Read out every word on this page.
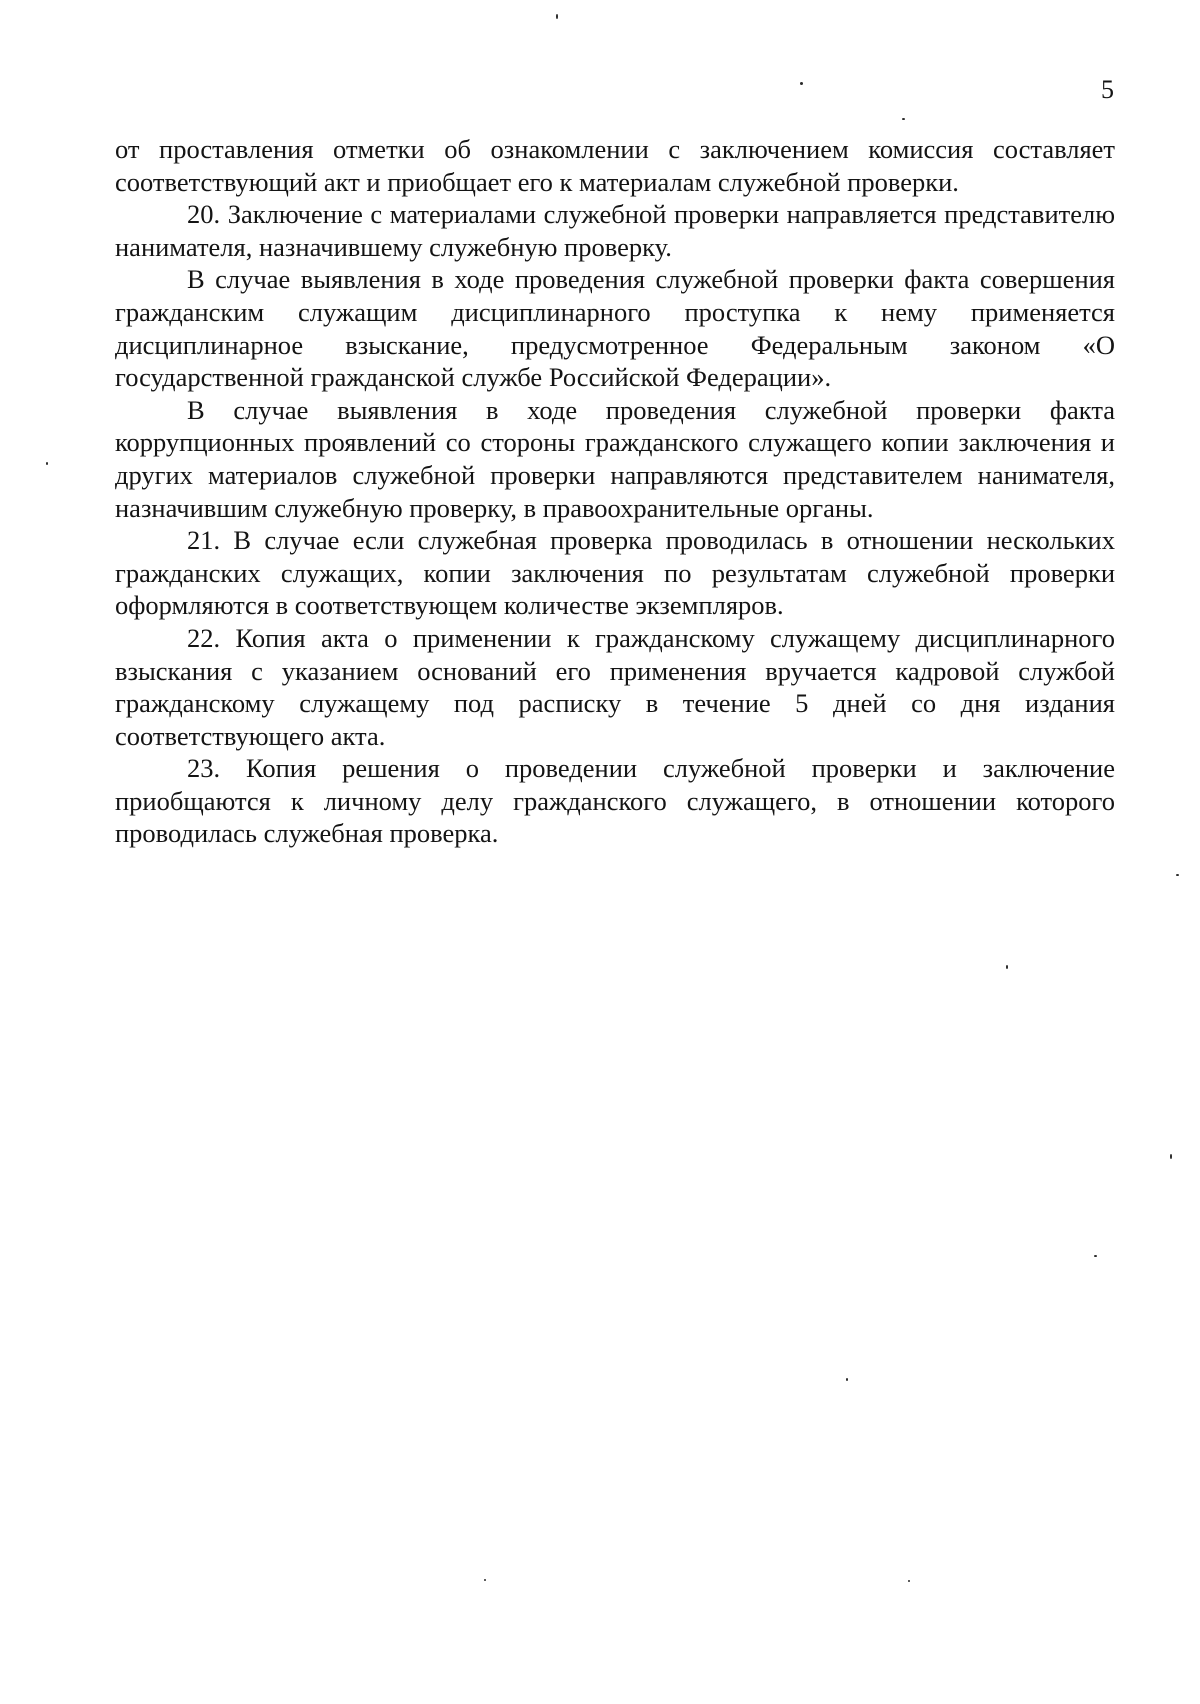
5

от проставления отметки об ознакомлении с заключением комиссия составляет соответствующий акт и приобщает его к материалам служебной проверки.

20. Заключение с материалами служебной проверки направляется представителю нанимателя, назначившему служебную проверку.

В случае выявления в ходе проведения служебной проверки факта совершения гражданским служащим дисциплинарного проступка к нему применяется дисциплинарное взыскание, предусмотренное Федеральным законом «О государственной гражданской службе Российской Федерации».

В случае выявления в ходе проведения служебной проверки факта коррупционных проявлений со стороны гражданского служащего копии заключения и других материалов служебной проверки направляются представителем нанимателя, назначившим служебную проверку, в правоохранительные органы.

21. В случае если служебная проверка проводилась в отношении нескольких гражданских служащих, копии заключения по результатам служебной проверки оформляются в соответствующем количестве экземпляров.

22. Копия акта о применении к гражданскому служащему дисциплинарного взыскания с указанием оснований его применения вручается кадровой службой гражданскому служащему под расписку в течение 5 дней со дня издания соответствующего акта.

23. Копия решения о проведении служебной проверки и заключение приобщаются к личному делу гражданского служащего, в отношении которого проводилась служебная проверка.
